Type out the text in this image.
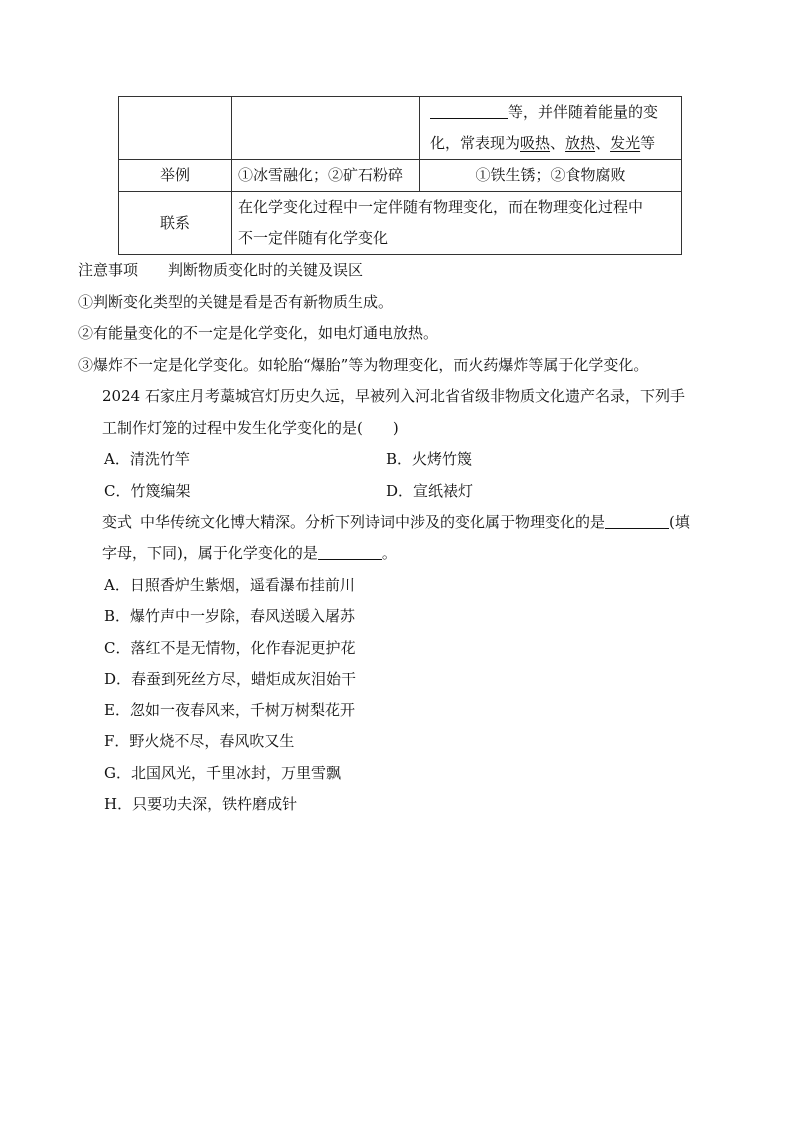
		等，并伴随着能量的变
化，常表现为吸热、放热、发光等

举例	①冰雪融化；②矿石粉碎	①铁生锈；②食物腐败
联系	在化学变化过程中一定伴随有物理变化，而在物理变化过程中
不一定伴随有化学变化	
注意事项 判断物质变化时的关键及误区
①判断变化类型的关键是看是否有新物质生成。
②有能量变化的不一定是化学变化，如电灯通电放热。
③爆炸不一定是化学变化。如轮胎“爆胎”等为物理变化，而火药爆炸等属于化学变化。
2024 石家庄月考藁城宫灯历史久远，早被列入河北省省级非物质文化遗产名录，下列手
工制作灯笼的过程中发生化学变化的是(　　)
A．清洗竹竿	B．火烤竹篾
C．竹篾编架	D．宣纸裱灯
变式 中华传统文化博大精深。分析下列诗词中涉及的变化属于物理变化的是	(填
字母，下同)，属于化学变化的是	。
A．日照香炉生紫烟，遥看瀑布挂前川
B．爆竹声中一岁除，春风送暖入屠苏
C．落红不是无情物，化作春泥更护花
D．春蚕到死丝方尽，蜡炬成灰泪始干
E．忽如一夜春风来，千树万树梨花开
F．野火烧不尽，春风吹又生
G．北国风光，千里冰封，万里雪飘
H．只要功夫深，铁杵磨成针
